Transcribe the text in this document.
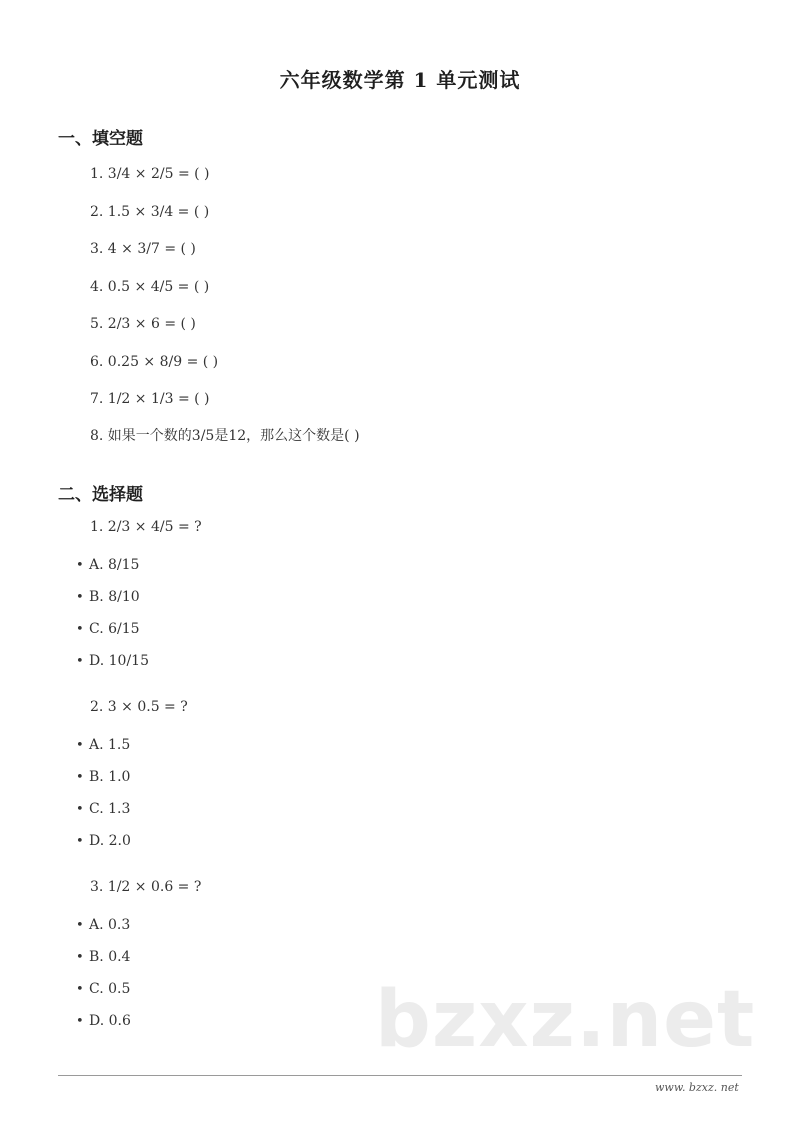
六年级数学第 1 单元测试
一、填空题
1. 3/4 × 2/5 = ( )
2. 1.5 × 3/4 = ( )
3. 4 × 3/7 = ( )
4. 0.5 × 4/5 = ( )
5. 2/3 × 6 = ( )
6. 0.25 × 8/9 = ( )
7. 1/2 × 1/3 = ( )
8. 如果一个数的3/5是12，那么这个数是( )
二、选择题
1. 2/3 × 4/5 = ?
• A. 8/15
• B. 8/10
• C. 6/15
• D. 10/15
2. 3 × 0.5 = ?
• A. 1.5
• B. 1.0
• C. 1.3
• D. 2.0
3. 1/2 × 0.6 = ?
• A. 0.3
• B. 0.4
• C. 0.5
• D. 0.6	bzxz.net
www. bzxz. net
